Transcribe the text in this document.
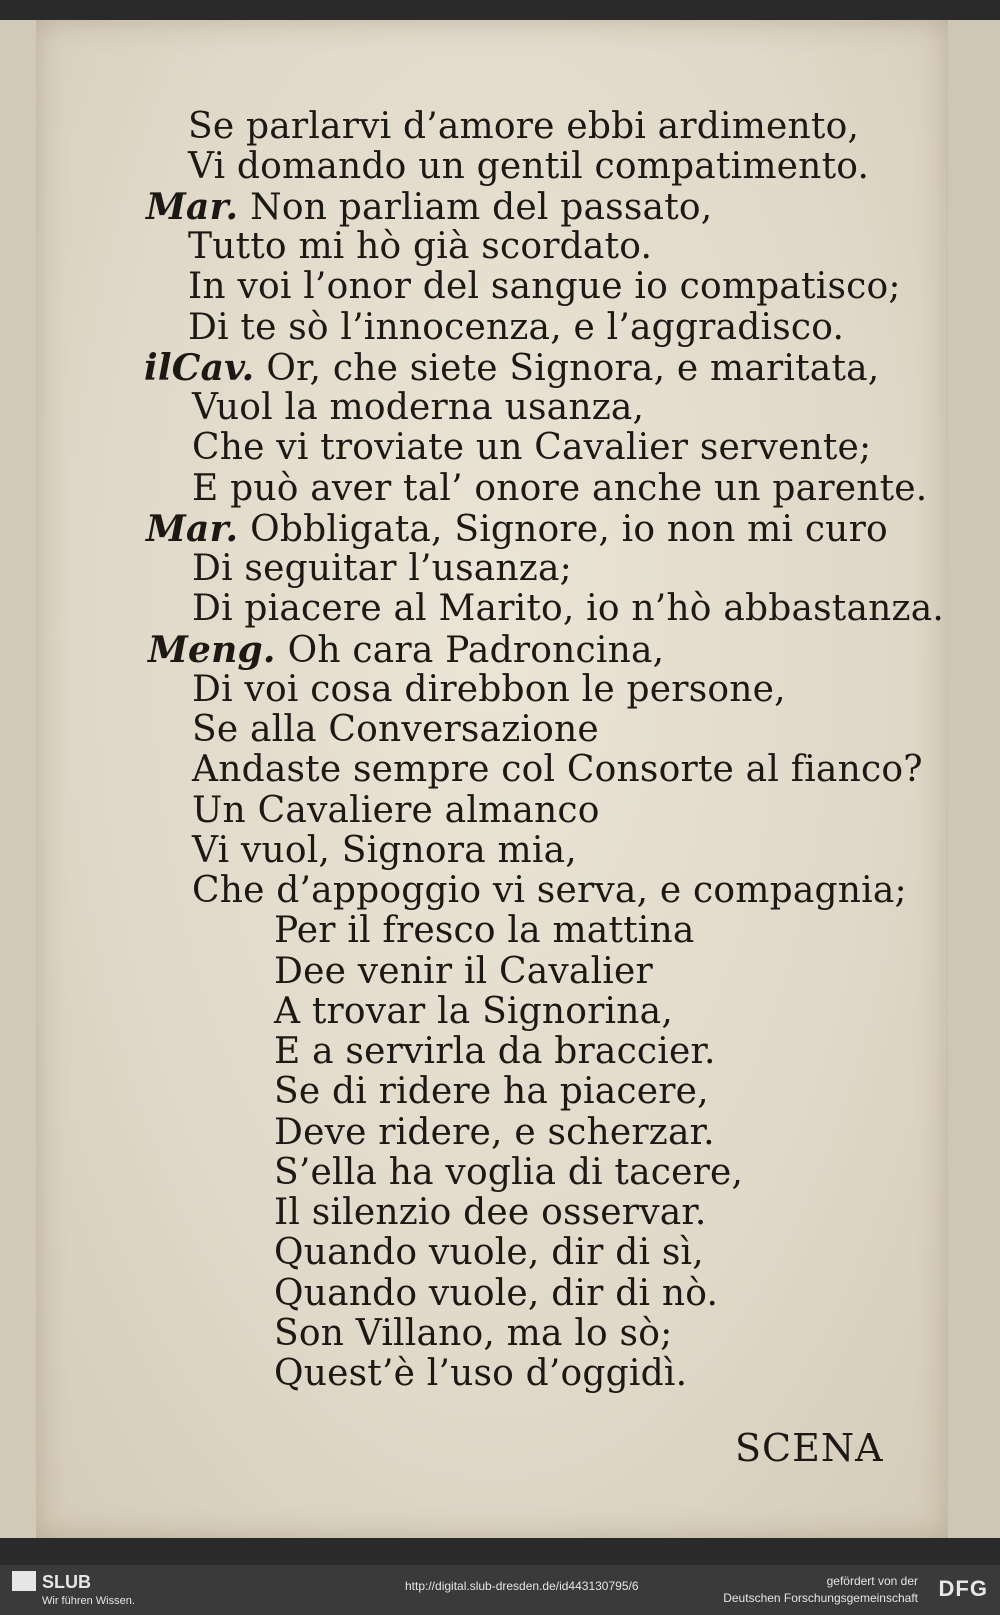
Se parlarvi d’amore ebbi ardimento,
Vi domando un gentil compatimento.
Mar. Non parliam del passato,
Tutto mi hò già scordato.
In voi l’onor del sangue io compatisco;
Di te sò l’innocenza, e l’aggradisco.
ilCav. Or, che siete Signora, e maritata,
Vuol la moderna usanza,
Che vi troviate un Cavalier servente;
E può aver tal’ onore anche un parente.
Mar. Obbligata, Signore, io non mi curo
Di seguitar l’usanza;
Di piacere al Marito, io n’hò abbastanza.
Meng. Oh cara Padroncina,
Di voi cosa direbbon le persone,
Se alla Conversazione
Andaste sempre col Consorte al fianco?
Un Cavaliere almanco
Vi vuol, Signora mia,
Che d’appoggio vi serva, e compagnia;
Per il fresco la mattina
Dee venir il Cavalier
A trovar la Signorina,
E a servirla da braccier.
Se di ridere ha piacere,
Deve ridere, e scherzar.
S’ella ha voglia di tacere,
Il silenzio dee osservar.
Quando vuole, dir di sì,
Quando vuole, dir di nò.
Son Villano, ma lo sò;
Quest’è l’uso d’oggidì.
SCENA
SLUB
Wir führen Wissen.
http://digital.slub-dresden.de/id443130795/6	gefördert von der
Deutschen Forschungsgemeinschaft DFG
